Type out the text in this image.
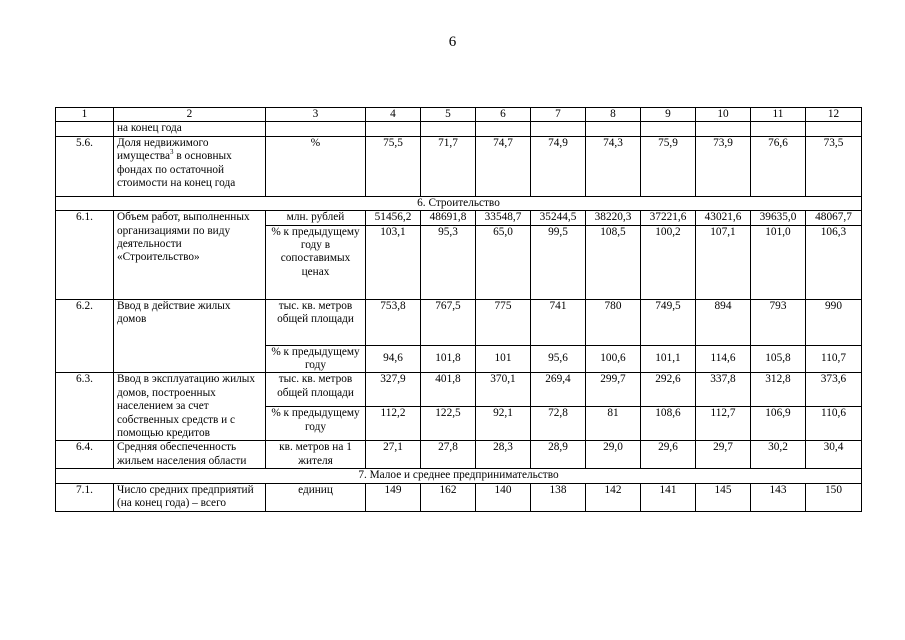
6
1	2	3	4	5	6	7	8	9	10	11	12
	на конец года										
5.6.	Доля недвижимого имущества$^3$ в основных фондах по остаточной стоимости на конец года	%	75,5	71,7	74,7	74,9	74,3	75,9	73,9	76,6	73,5
6. Строительство											
6.1.	Объем работ, выполненных организациями по виду деятельности «Строительство»	млн. рублей	51456,2	48691,8	33548,7	35244,5	38220,3	37221,6	43021,6	39635,0	48067,7
		% к предыдущему году в сопоставимых ценах	103,1	95,3	65,0	99,5	108,5	100,2	107,1	101,0	106,3
6.2.	Ввод в действие жилых домов	тыс. кв. метров общей площади	753,8	767,5	775	741	780	749,5	894	793	990
		% к предыдущему году	94,6	101,8	101	95,6	100,6	101,1	114,6	105,8	110,7
6.3.	Ввод в эксплуатацию жилых домов, построенных населением за счет собственных средств и с помощью кредитов	тыс. кв. метров общей площади	327,9	401,8	370,1	269,4	299,7	292,6	337,8	312,8	373,6
		% к предыдущему году	112,2	122,5	92,1	72,8	81	108,6	112,7	106,9	110,6
6.4.	Средняя обеспеченность жильем населения области	кв. метров на 1 жителя	27,1	27,8	28,3	28,9	29,0	29,6	29,7	30,2	30,4
7. Малое и среднее предпринимательство											
7.1.	Число средних предприятий (на конец года) – всего	единиц	149	162	140	138	142	141	145	143	150
